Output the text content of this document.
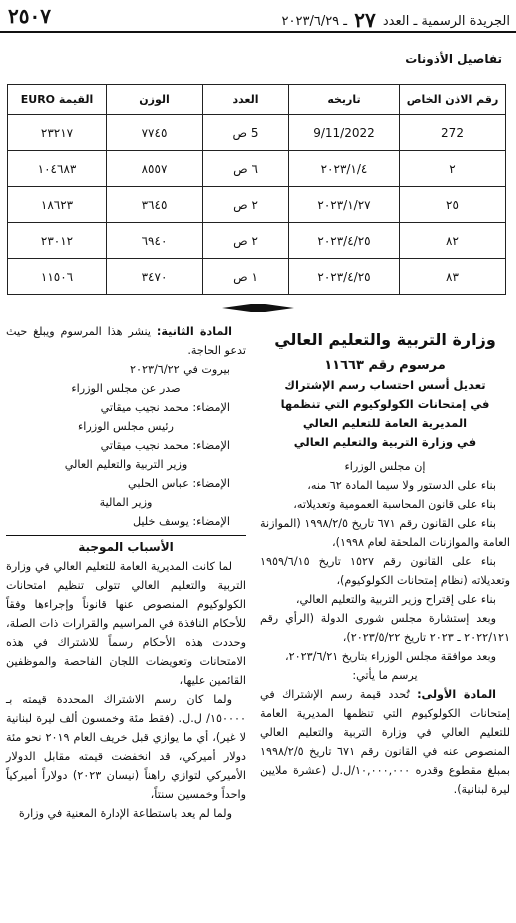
٢٥٠٧	الجريدة الرسمية ـ العدد ٢٧ ـ ٢٠٢٣/٦/٢٩
تفاصيل الأذونات
رقم الاذن الخاص	تاريخه	العدد	الوزن	القيمة EURO
272	9/11/2022	5 ص	٧٧٤٥	٢٣٢١٧
٢	٢٠٢٣/١/٤	٦ ص	٨٥٥٧	١٠٤٦٨٣
٢٥	٢٠٢٣/١/٢٧	٢ ص	٣٦٤٥	١٨٦٢٣
٨٢	٢٠٢٣/٤/٢٥	٢ ص	٦٩٤٠	٢٣٠١٢
٨٣	٢٠٢٣/٤/٢٥	١ ص	٣٤٧٠	١١٥٠٦

وزارة التربية والتعليم العالي

مرسوم رقم ١١٦٦٣

تعديل أسس احتساب رسم الإشتراك

في إمتحانات الكولوكيوم التي تنظمها

المديرية العامة للتعليم العالي

في وزارة التربية والتعليم العالي

إن مجلس الوزراء

بناء على الدستور ولا سيما المادة ٦٢ منه،

بناء على قانون المحاسبة العمومية وتعديلاته،

بناء على القانون رقم ٦٧١ تاريخ ١٩٩٨/٢/٥ (الموازنة العامة والموازنات الملحقة لعام ١٩٩٨)،

بناء على القانون رقم ١٥٢٧ تاريخ ١٩٥٩/٦/١٥ وتعديلاته (نظام إمتحانات الكولوكيوم)،

بناء على إقتراح وزير التربية والتعليم العالي،

وبعد إستشارة مجلس شورى الدولة (الرأي رقم ٢٠٢٢/١٢١ ـ ٢٠٢٣ تاريخ ٢٠٢٣/٥/٢٢)،

وبعد موافقة مجلس الوزراء بتاريخ ٢٠٢٣/٦/٢١،

يرسم ما يأتي:

المادة الأولى: تُحدد قيمة رسم الإشتراك في إمتحانات الكولوكيوم التي تنظمها المديرية العامة للتعليم العالي في وزارة التربية والتعليم العالي المنصوص عنه في القانون رقم ٦٧١ تاريخ ١٩٩٨/٢/٥ بمبلغ مقطوع وقدره ١٠,٠٠٠,٠٠٠/ل.ل (عشرة ملايين ليرة لبنانية).

المادة الثانية: ينشر هذا المرسوم ويبلغ حيث تدعو الحاجة.

بيروت في ٢٠٢٣/٦/٢٢

صدر عن مجلس الوزراء

الإمضاء: محمد نجيب ميقاتي

رئيس مجلس الوزراء

الإمضاء: محمد نجيب ميقاتي

وزير التربية والتعليم العالي

الإمضاء: عباس الحلبي

وزير المالية

الإمضاء: يوسف خليل

الأسباب الموجبة

لما كانت المديرية العامة للتعليم العالي في وزارة التربية والتعليم العالي تتولى تنظيم امتحانات الكولوكيوم المنصوص عنها قانوناً وإجراءها وفقاً للأحكام النافذة في المراسيم والقرارات ذات الصلة، وحددت هذه الأحكام رسماً للاشتراك في هذه الامتحانات وتعويضات اللجان الفاحصة والموظفين القائمين عليها،

ولما كان رسم الاشتراك المحددة قيمته بـ ١٥٠٠٠٠/ ل.ل. (فقط مئة وخمسون ألف ليرة لبنانية لا غير)، أي ما يوازي قبل خريف العام ٢٠١٩ نحو مئة دولار أميركي، قد انخفضت قيمته مقابل الدولار الأميركي لتوازي راهناً (نيسان ٢٠٢٣) دولاراً أميركياً واحداً وخمسين سنتاً،

ولما لم يعد باستطاعة الإدارة المعنية في وزارة
